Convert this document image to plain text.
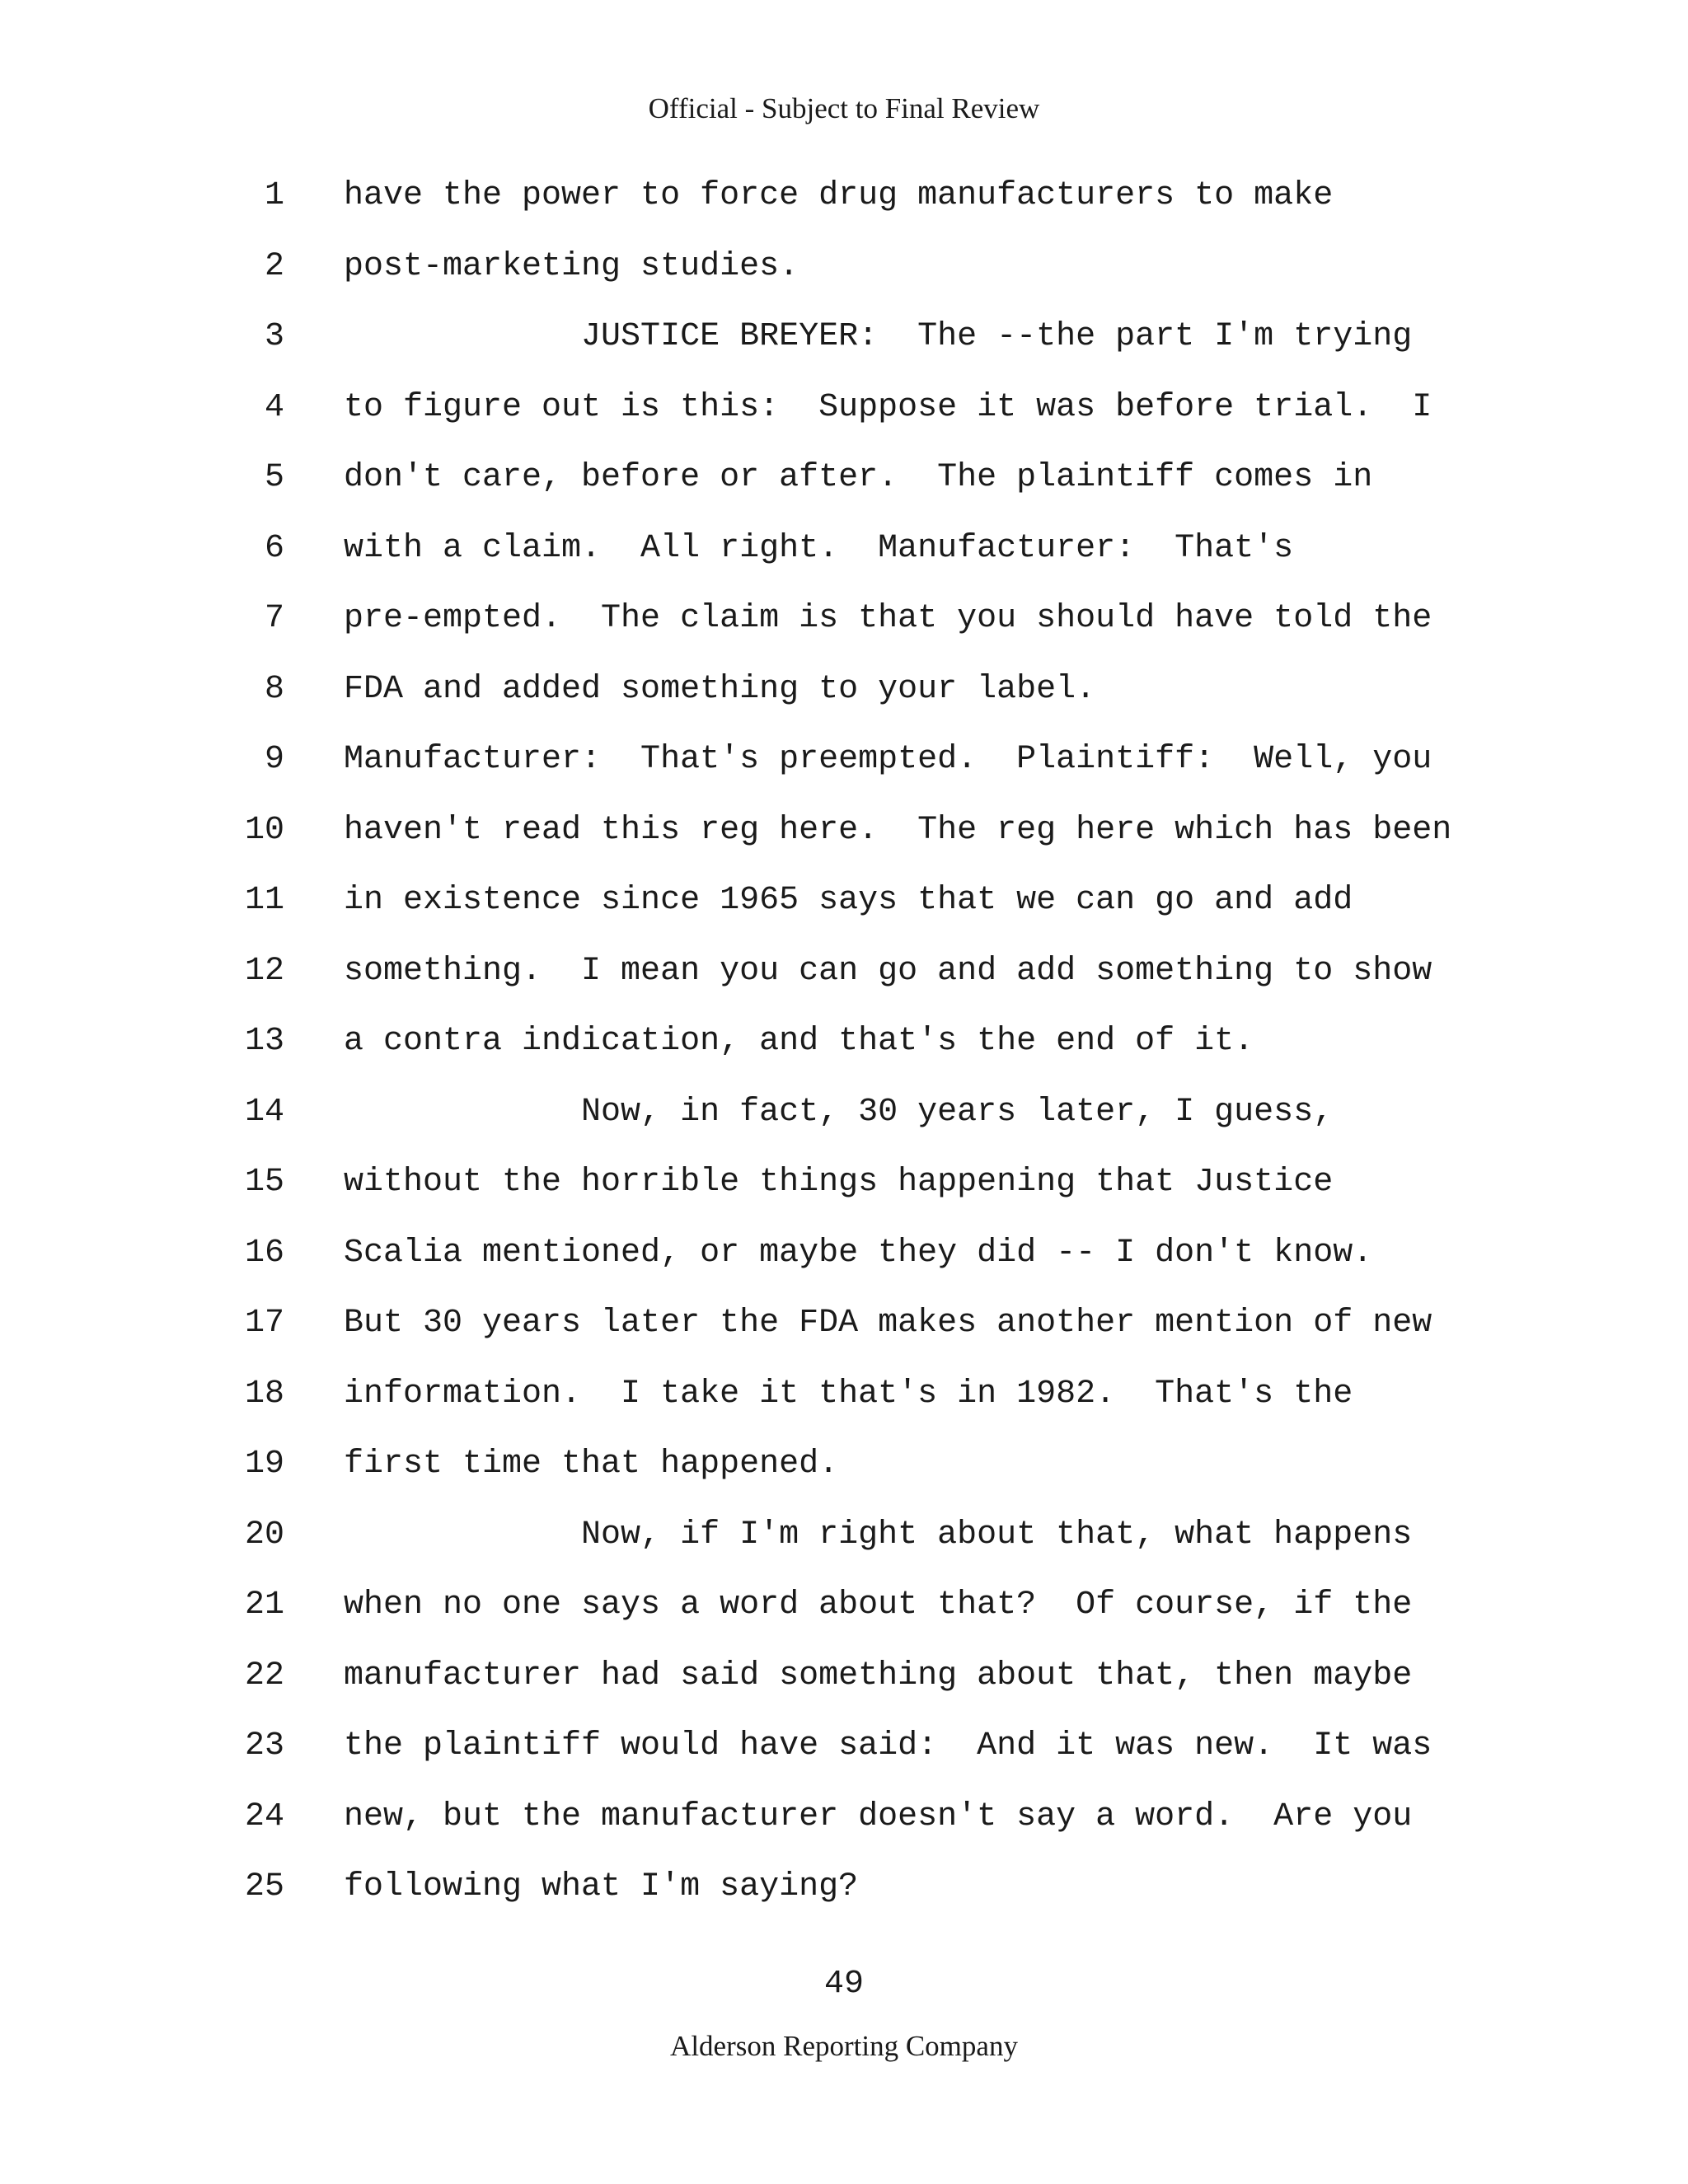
Official - Subject to Final Review
1 have the power to force drug manufacturers to make
2 post-marketing studies.
3 JUSTICE BREYER:  The --the part I'm trying
4 to figure out is this:  Suppose it was before trial.  I
5 don't care, before or after.  The plaintiff comes in
6 with a claim.  All right.  Manufacturer:  That's
7 pre-empted.  The claim is that you should have told the
8 FDA and added something to your label.
9 Manufacturer:  That's preempted.  Plaintiff:  Well, you
10 haven't read this reg here.  The reg here which has been
11 in existence since 1965 says that we can go and add
12 something.  I mean you can go and add something to show
13 a contra indication, and that's the end of it.
14 Now, in fact, 30 years later, I guess,
15 without the horrible things happening that Justice
16 Scalia mentioned, or maybe they did -- I don't know.
17 But 30 years later the FDA makes another mention of new
18 information.  I take it that's in 1982.  That's the
19 first time that happened.
20 Now, if I'm right about that, what happens
21 when no one says a word about that?  Of course, if the
22 manufacturer had said something about that, then maybe
23 the plaintiff would have said:  And it was new.  It was
24 new, but the manufacturer doesn't say a word.  Are you
25 following what I'm saying?
49
Alderson Reporting Company
